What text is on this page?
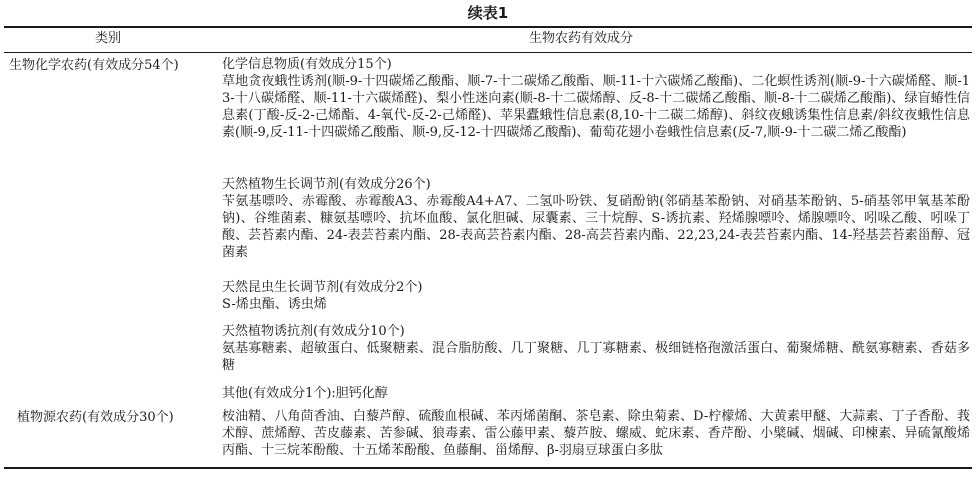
续表1
类别	生物农药有效成分
生物化学农药(有效成分54个)	化学信息物质(有效成分15个)
草地贪夜蛾性诱剂(顺-9-十四碳烯乙酸酯、顺-7-十二碳烯乙酸酯、顺-11-十六碳烯乙酸酯)、二化螟性诱剂(顺-9-十六碳烯醛、顺-13-十八碳烯醛、顺-11-十六碳烯醛)、梨小性迷向素(顺-8-十二碳烯醇、反-8-十二碳烯乙酸酯、顺-8-十二碳烯乙酸酯)、绿盲蝽性信息素(丁酸-反-2-己烯酯、4-氧代-反-2-己烯醛)、苹果蠹蛾性信息素(8,10-十二碳二烯醇)、斜纹夜蛾诱集性信息素/斜纹夜蛾性信息素(顺-9,反-11-十四碳烯乙酸酯、顺-9,反-12-十四碳烯乙酸酯)、葡萄花翅小卷蛾性信息素(反-7,顺-9-十二碳二烯乙酸酯)
天然植物生长调节剂(有效成分26个)
苄氨基嘌呤、赤霉酸、赤霉酸A3、赤霉酸A4+A7、二氢卟吩铁、复硝酚钠(邻硝基苯酚钠、对硝基苯酚钠、5-硝基邻甲氧基苯酚钠)、谷维菌素、糠氨基嘌呤、抗坏血酸、氯化胆碱、尿囊素、三十烷醇、S-诱抗素、羟烯腺嘌呤、烯腺嘌呤、吲哚乙酸、吲哚丁酸、芸苔素内酯、24-表芸苔素内酯、28-表高芸苔素内酯、28-高芸苔素内酯、22,23,24-表芸苔素内酯、14-羟基芸苔素甾醇、冠菌素
天然昆虫生长调节剂(有效成分2个)
S-烯虫酯、诱虫烯
天然植物诱抗剂(有效成分10个)
氨基寡糖素、超敏蛋白、低聚糖素、混合脂肪酸、几丁聚糖、几丁寡糖素、极细链格孢激活蛋白、葡聚烯糖、酰氨寡糖素、香菇多糖
其他(有效成分1个):胆钙化醇
植物源农药(有效成分30个)	桉油精、八角茴香油、白藜芦醇、硫酸血根碱、苯丙烯菌酮、茶皂素、除虫菊素、D-柠檬烯、大黄素甲醚、大蒜素、丁子香酚、莪术醇、蔗烯醇、苦皮藤素、苦参碱、狼毒素、雷公藤甲素、藜芦胺、螺威、蛇床素、香芹酚、小檗碱、烟碱、印楝素、异硫氰酸烯丙酯、十三烷苯酚酸、十五烯苯酚酸、鱼藤酮、甾烯醇、β-羽扇豆球蛋白多肽
